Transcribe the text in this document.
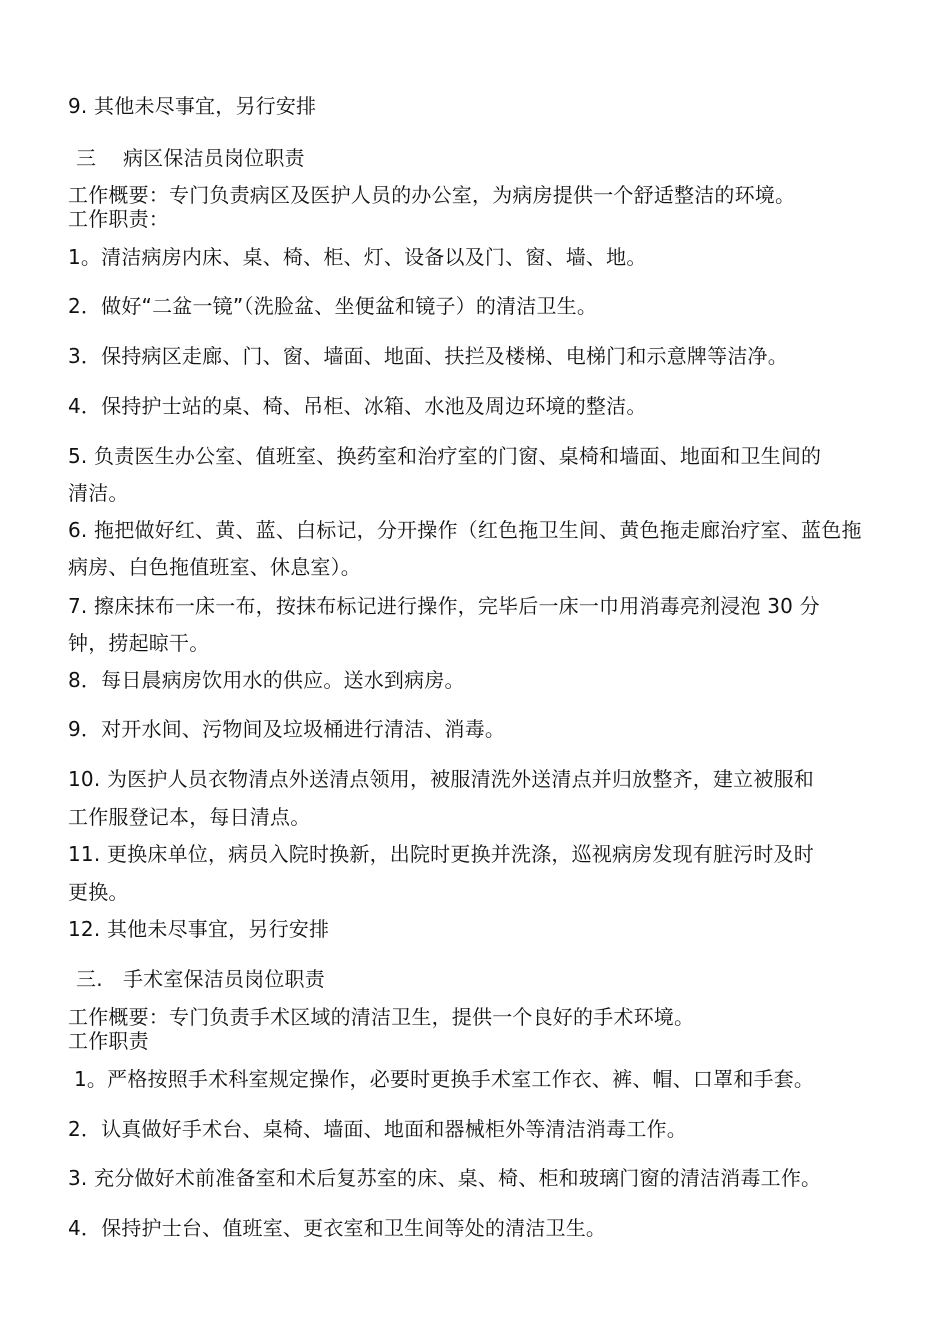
9. 其他未尽事宜，另行安排
三　 病区保洁员岗位职责
工作概要：专门负责病区及医护人员的办公室，为病房提供一个舒适整洁的环境。
工作职责：
1。清洁病房内床、桌、椅、柜、灯、设备以及门、窗、墙、地。
2．做好“二盆一镜”（洗脸盆、坐便盆和镜子）的清洁卫生。
3．保持病区走廊、门、窗、墙面、地面、扶拦及楼梯、电梯门和示意牌等洁净。
4．保持护士站的桌、椅、吊柜、冰箱、水池及周边环境的整洁。
5. 负责医生办公室、值班室、换药室和治疗室的门窗、桌椅和墙面、地面和卫生间的
清洁。
6. 拖把做好红、黄、蓝、白标记，分开操作（红色拖卫生间、黄色拖走廊治疗室、蓝色拖
病房、白色拖值班室、休息室）。
7. 擦床抹布一床一布，按抹布标记进行操作，完毕后一床一巾用消毒亮剂浸泡 30 分
钟，捞起晾干。
8．每日晨病房饮用水的供应。送水到病房。
9．对开水间、污物间及垃圾桶进行清洁、消毒。
10. 为医护人员衣物清点外送清点领用，被服清洗外送清点并归放整齐，建立被服和
工作服登记本，每日清点。
11. 更换床单位，病员入院时换新，出院时更换并洗涤，巡视病房发现有脏污时及时
更换。
12. 其他未尽事宜，另行安排
三.　手术室保洁员岗位职责
工作概要：专门负责手术区域的清洁卫生，提供一个良好的手术环境。
工作职责
1。严格按照手术科室规定操作，必要时更换手术室工作衣、裤、帽、口罩和手套。
2．认真做好手术台、桌椅、墙面、地面和器械柜外等清洁消毒工作。
3. 充分做好术前准备室和术后复苏室的床、桌、椅、柜和玻璃门窗的清洁消毒工作。
4．保持护士台、值班室、更衣室和卫生间等处的清洁卫生。
